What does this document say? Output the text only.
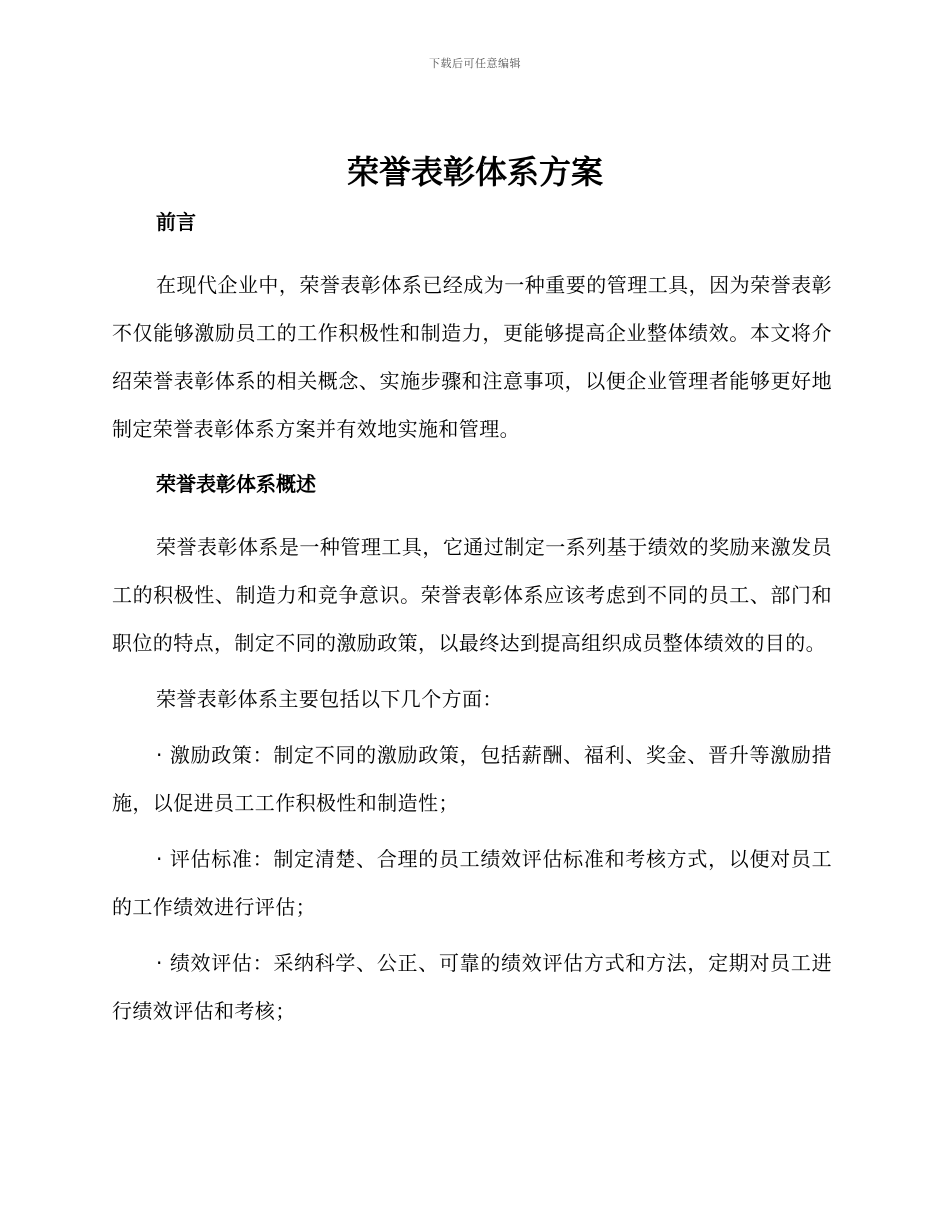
下载后可任意编辑
荣誉表彰体系方案
前言

在现代企业中，荣誉表彰体系已经成为一种重要的管理工具，因为荣誉表彰不仅能够激励员工的工作积极性和制造力，更能够提高企业整体绩效。本文将介绍荣誉表彰体系的相关概念、实施步骤和注意事项，以便企业管理者能够更好地制定荣誉表彰体系方案并有效地实施和管理。

荣誉表彰体系概述

荣誉表彰体系是一种管理工具，它通过制定一系列基于绩效的奖励来激发员工的积极性、制造力和竞争意识。荣誉表彰体系应该考虑到不同的员工、部门和职位的特点，制定不同的激励政策，以最终达到提高组织成员整体绩效的目的。

荣誉表彰体系主要包括以下几个方面：

· 激励政策：制定不同的激励政策，包括薪酬、福利、奖金、晋升等激励措施，以促进员工工作积极性和制造性；

· 评估标准：制定清楚、合理的员工绩效评估标准和考核方式，以便对员工的工作绩效进行评估；

· 绩效评估：采纳科学、公正、可靠的绩效评估方式和方法，定期对员工进行绩效评估和考核；
